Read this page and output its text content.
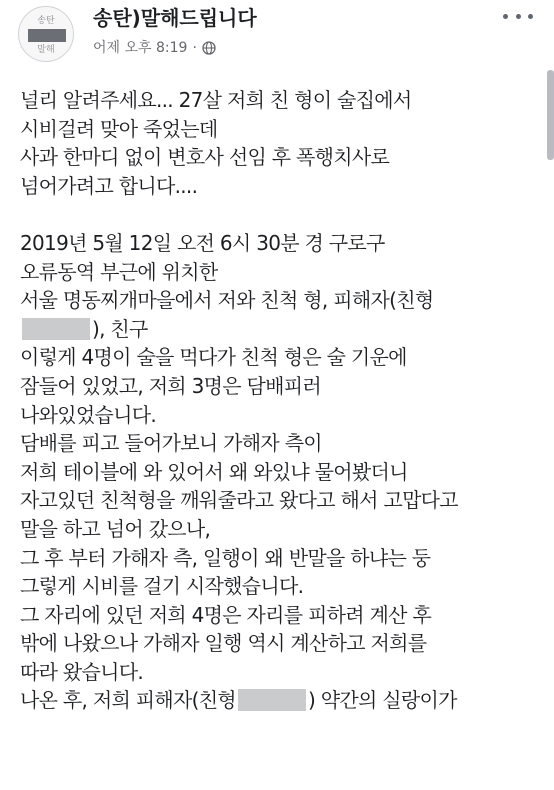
송탄
말해
송탄)말해드립니다
어제 오후 8:19 ·
널리 알려주세요... 27살 저희 친 형이 술집에서
시비걸려 맞아 죽었는데
사과 한마디 없이 변호사 선임 후 폭행치사로
넘어가려고 합니다....
2019년 5월 12일 오전 6시 30분 경 구로구
오류동역 부근에 위치한
서울 명동찌개마을에서 저와 친척 형, 피해자(친형
), 친구
이렇게 4명이 술을 먹다가 친척 형은 술 기운에
잠들어 있었고, 저희 3명은 담배피러
나와있었습니다.
담배를 피고 들어가보니 가해자 측이
저희 테이블에 와 있어서 왜 와있냐 물어봤더니
자고있던 친척형을 깨워줄라고 왔다고 해서 고맙다고
말을 하고 넘어 갔으나,
그 후 부터 가해자 측, 일행이 왜 반말을 하냐는 둥
그렇게 시비를 걸기 시작했습니다.
그 자리에 있던 저희 4명은 자리를 피하려 계산 후
밖에 나왔으나 가해자 일행 역시 계산하고 저희를
따라 왔습니다.
나온 후, 저희 피해자(친형	) 약간의 실랑이가
